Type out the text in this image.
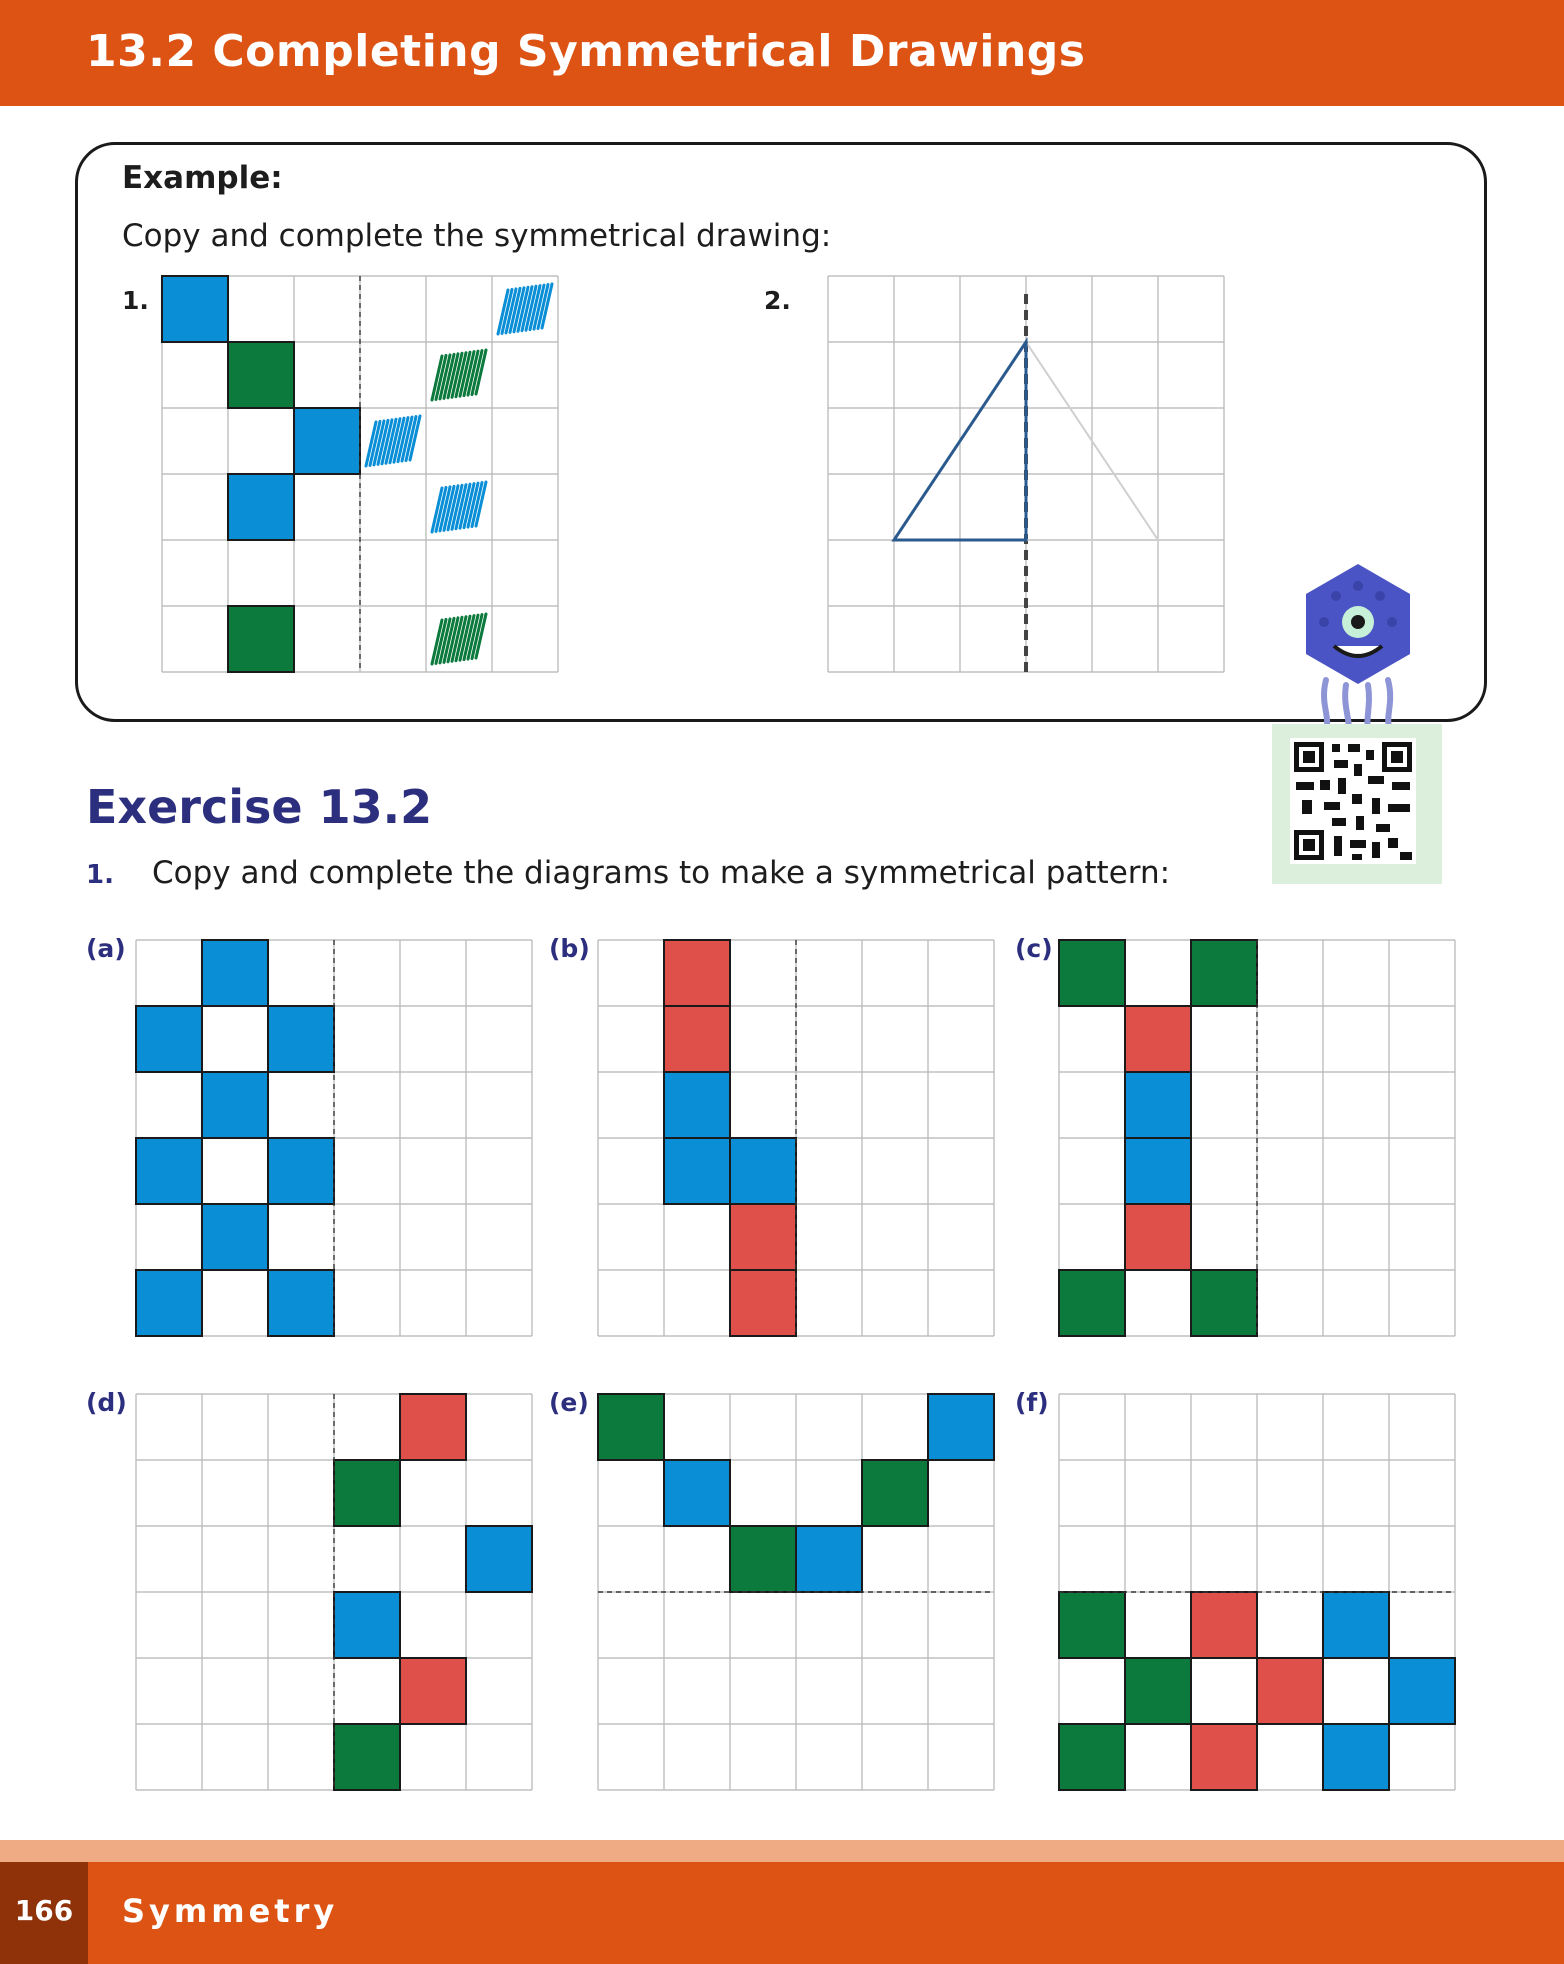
13.2 Completing Symmetrical Drawings
Example:
Copy and complete the symmetrical drawing:
1.	2.
Exercise 13.2
1. Copy and complete the diagrams to make a symmetrical pattern:
(a)	(b)	(c)
(d)	(e)	(f)
166	Symmetry
